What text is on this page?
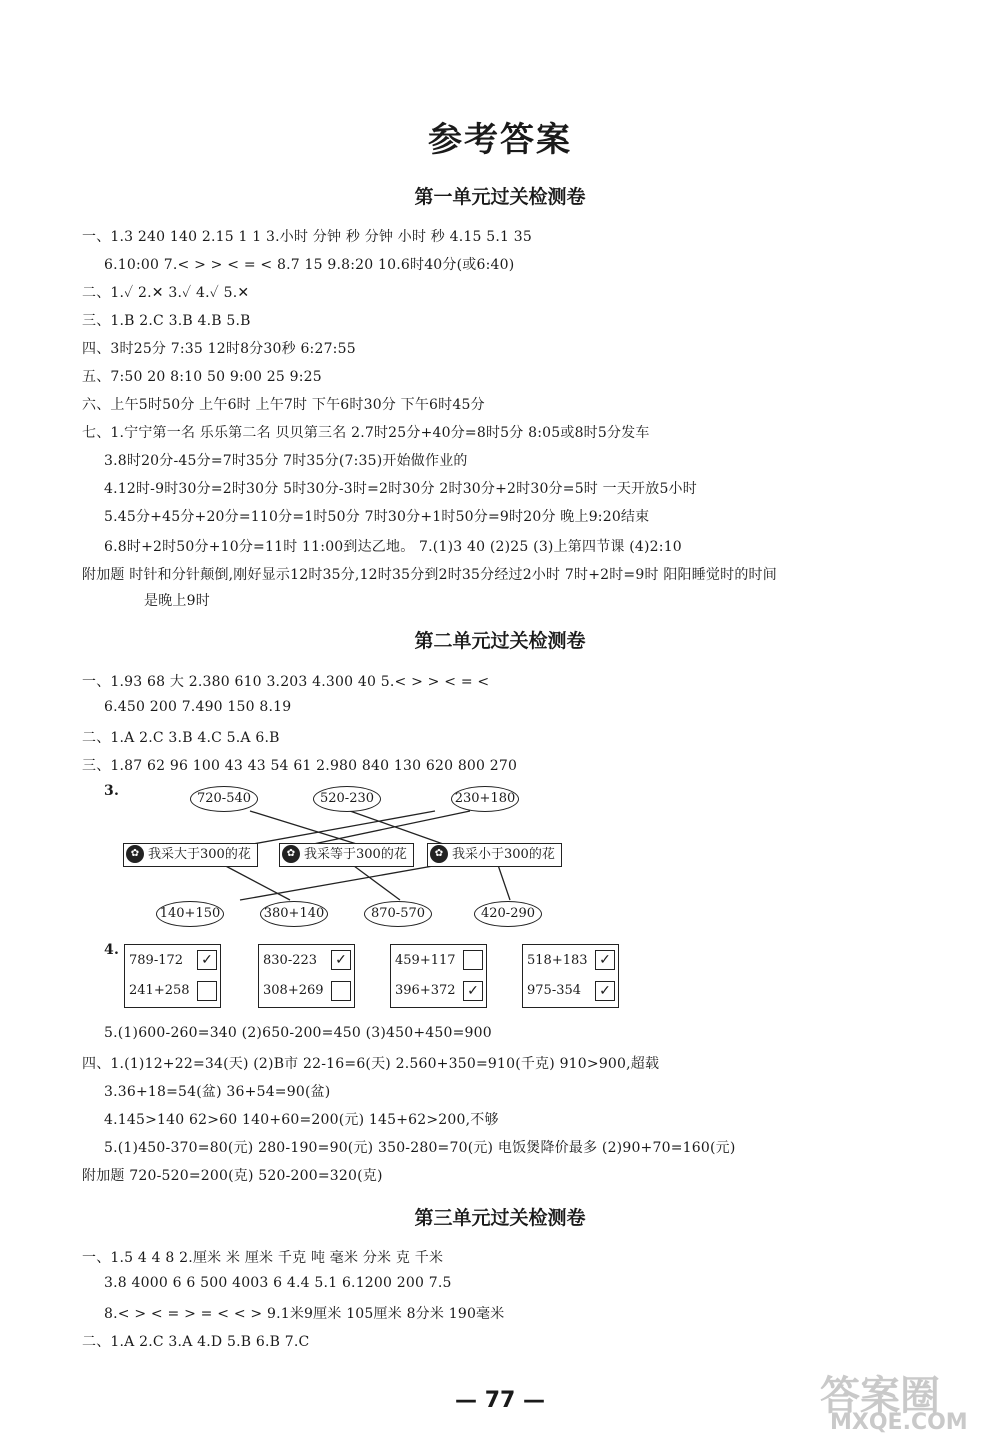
参考答案
第一单元过关检测卷
第二单元过关检测卷
第三单元过关检测卷
一、1.3 240 140 2.15 1 1 3.小时 分钟 秒 分钟 小时 秒 4.15 5.1 35
6.10:00 7.< > > < = < 8.7 15 9.8:20 10.6时40分(或6:40)
二、1.✓ 2.✕ 3.✓ 4.✓ 5.✕
三、1.B 2.C 3.B 4.B 5.B
四、3时25分 7:35 12时8分30秒 6:27:55
五、7:50 20 8:10 50 9:00 25 9:25
六、上午5时50分 上午6时 上午7时 下午6时30分 下午6时45分
七、1.宁宁第一名 乐乐第二名 贝贝第三名 2.7时25分+40分=8时5分 8:05或8时5分发车
3.8时20分-45分=7时35分 7时35分(7:35)开始做作业的
4.12时-9时30分=2时30分 5时30分-3时=2时30分 2时30分+2时30分=5时 一天开放5小时
5.45分+45分+20分=110分=1时50分 7时30分+1时50分=9时20分 晚上9:20结束
6.8时+2时50分+10分=11时 11:00到达乙地。 7.(1)3 40 (2)25 (3)上第四节课 (4)2:10
附加题 时针和分针颠倒,刚好显示12时35分,12时35分到2时35分经过2小时 7时+2时=9时 阳阳睡觉时的时间
是晚上9时
一、1.93 68 大 2.380 610 3.203 4.300 40 5.< > > < = <
6.450 200 7.490 150 8.19
二、1.A 2.C 3.B 4.C 5.A 6.B
三、1.87 62 96 100 43 43 54 61 2.980 840 130 620 800 270
5.(1)600-260=340 (2)650-200=450 (3)450+450=900
四、1.(1)12+22=34(天) (2)B市 22-16=6(天) 2.560+350=910(千克) 910>900,超载
3.36+18=54(盆) 36+54=90(盆)
4.145>140 62>60 140+60=200(元) 145+62>200,不够
5.(1)450-370=80(元) 280-190=90(元) 350-280=70(元) 电饭煲降价最多 (2)90+70=160(元)
附加题 720-520=200(克) 520-200=320(克)
一、1.5 4 4 8 2.厘米 米 厘米 千克 吨 毫米 分米 克 千米
3.8 4000 6 6 500 4003 6 4.4 5.1 6.1200 200 7.5
8.< > < = > = < < > 9.1米9厘米 105厘米 8分米 190毫米
二、1.A 2.C 3.A 4.D 5.B 6.B 7.C
3.	720-540	520-230	230+180
✿ 我采大于300的花	✿ 我采等于300的花	✿ 我采小于300的花
140+150	380+140	870-570	420-290
4.
789-172 ✓
241+258
830-223 ✓
308+269
459+117
396+372 ✓
518+183 ✓
975-354 ✓
— 77 —	答案圈
MXQE.COM
